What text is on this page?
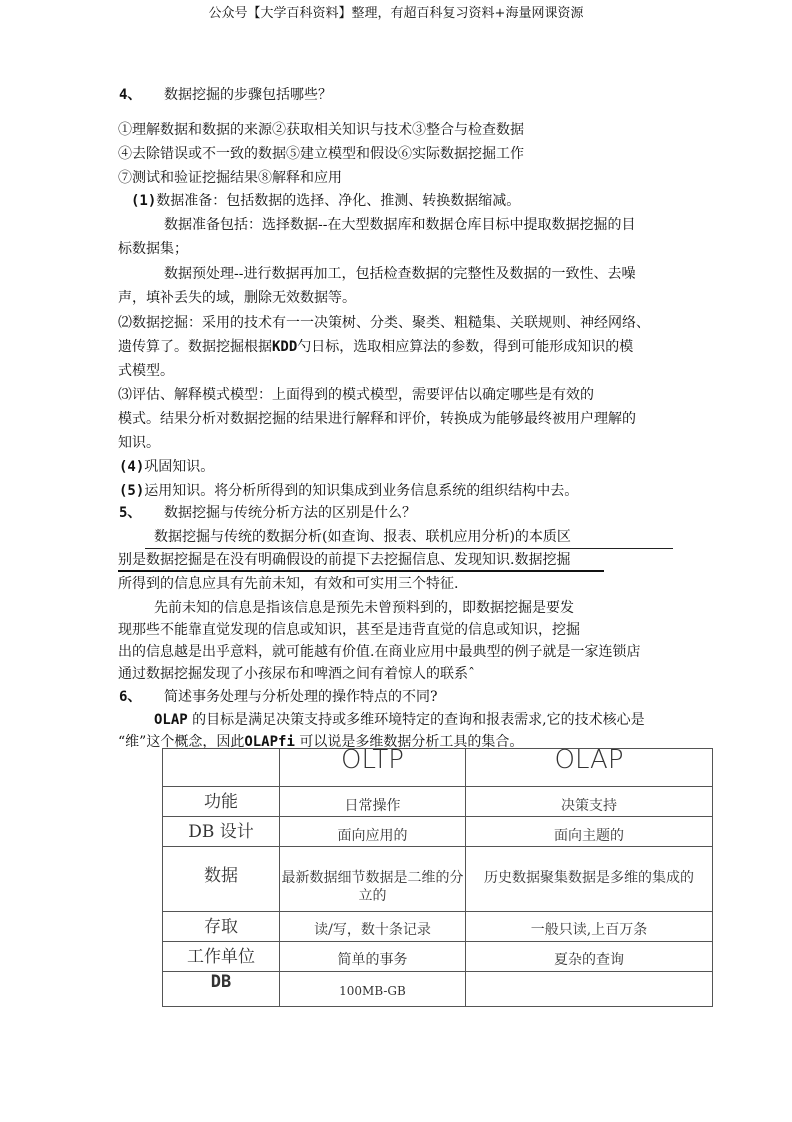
公众号【大学百科资料】整理，有超百科复习资料+海量网课资源
4、 数据挖掘的步骤包括哪些？
①理解数据和数据的来源②获取相关知识与技术③整合与检查数据
④去除错误或不一致的数据⑤建立模型和假设⑥实际数据挖掘工作
⑦测试和验证挖掘结果⑧解释和应用
(1)数据准备：包括数据的选择、净化、推测、转换数据缩减。
数据准备包括：选择数据--在大型数据库和数据仓库目标中提取数据挖掘的目
标数据集；
数据预处理--进行数据再加工，包括检查数据的完整性及数据的一致性、去噪
声，填补丢失的域，删除无效数据等。
⑵数据挖掘：采用的技术有一一决策树、分类、聚类、粗糙集、关联规则、神经网络、
遗传算了。数据挖掘根据KDD勺日标，选取相应算法的参数，得到可能形成知识的模
式模型。
⑶评估、解释模式模型：上面得到的模式模型，需要评估以确定哪些是有效的
模式。结果分析对数据挖掘的结果进行解释和评价，转换成为能够最终被用户理解的
知识。
(4)巩固知识。
(5)运用知识。将分析所得到的知识集成到业务信息系统的组织结构中去。
5、 数据挖掘与传统分析方法的区别是什么？
数据挖掘与传统的数据分析(如查询、报表、联机应用分析)的本质区
别是数据挖掘是在没有明确假设的前提下去挖掘信息、发现知识.数据挖掘
所得到的信息应具有先前未知，有效和可实用三个特征.
先前未知的信息是指该信息是预先未曾预料到的，即数据挖掘是要发
现那些不能靠直觉发现的信息或知识，甚至是违背直觉的信息或知识，挖掘
出的信息越是出乎意料，就可能越有价值.在商业应用中最典型的例子就是一家连锁店
通过数据挖掘发现了小孩尿布和啤酒之间有着惊人的联系ˆ
6、 简述事务处理与分析处理的操作特点的不同?
OLAP 的目标是满足决策支持或多维环境特定的查询和报表需求,它的技术核心是
“维”这个概念，因此OLAPfi 可以说是多维数据分析工具的集合。
	OLTP	OLAP
功能	日常操作	决策支持
DB 设计	面向应用的	面向主题的
数据	最新数据细节数据是二维的分立的	历史数据聚集数据是多维的集成的
存取	读/写，数十条记录	一般只读,上百万条
工作单位	简单的事务	夏杂的查询
DB	100MB-GB	
